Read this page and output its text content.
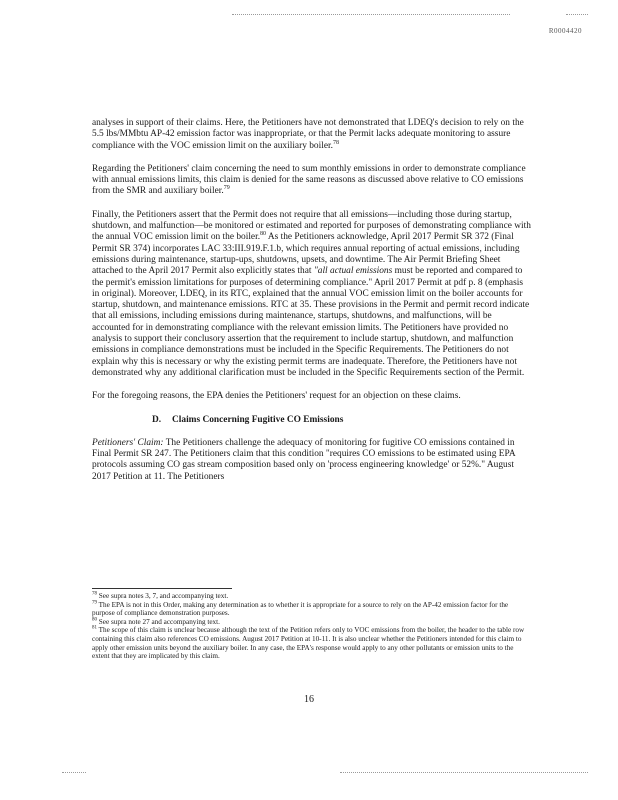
R0004420

analyses in support of their claims. Here, the Petitioners have not demonstrated that LDEQ's decision to rely on the 5.5 lbs/MMbtu AP-42 emission factor was inappropriate, or that the Permit lacks adequate monitoring to assure compliance with the VOC emission limit on the auxiliary boiler.$^{78}$

Regarding the Petitioners' claim concerning the need to sum monthly emissions in order to demonstrate compliance with annual emissions limits, this claim is denied for the same reasons as discussed above relative to CO emissions from the SMR and auxiliary boiler.$^{79}$

Finally, the Petitioners assert that the Permit does not require that all emissions—including those during startup, shutdown, and malfunction—be monitored or estimated and reported for purposes of demonstrating compliance with the annual VOC emission limit on the boiler.$^{80}$ As the Petitioners acknowledge, April 2017 Permit SR 372 (Final Permit SR 374) incorporates LAC 33:III.919.F.1.b, which requires annual reporting of actual emissions, including emissions during maintenance, startup-ups, shutdowns, upsets, and downtime. The Air Permit Briefing Sheet attached to the April 2017 Permit also explicitly states that "all actual emissions must be reported and compared to the permit's emission limitations for purposes of determining compliance." April 2017 Permit at pdf p. 8 (emphasis in original). Moreover, LDEQ, in its RTC, explained that the annual VOC emission limit on the boiler accounts for startup, shutdown, and maintenance emissions. RTC at 35. These provisions in the Permit and permit record indicate that all emissions, including emissions during maintenance, startups, shutdowns, and malfunctions, will be accounted for in demonstrating compliance with the relevant emission limits. The Petitioners have provided no analysis to support their conclusory assertion that the requirement to include startup, shutdown, and malfunction emissions in compliance demonstrations must be included in the Specific Requirements. The Petitioners do not explain why this is necessary or why the existing permit terms are inadequate. Therefore, the Petitioners have not demonstrated why any additional clarification must be included in the Specific Requirements section of the Permit.

For the foregoing reasons, the EPA denies the Petitioners' request for an objection on these claims.

D. Claims Concerning Fugitive CO Emissions

Petitioners' Claim: The Petitioners challenge the adequacy of monitoring for fugitive CO emissions contained in Final Permit SR 247. The Petitioners claim that this condition "requires CO emissions to be estimated using EPA protocols assuming CO gas stream composition based only on 'process engineering knowledge' or 52%." August 2017 Petition at 11. The Petitioners

$^{78}$ See supra notes 3, 7, and accompanying text.

$^{79}$ The EPA is not in this Order, making any determination as to whether it is appropriate for a source to rely on the AP-42 emission factor for the purpose of compliance demonstration purposes.

$^{80}$ See supra note 27 and accompanying text.

$^{81}$ The scope of this claim is unclear because although the text of the Petition refers only to VOC emissions from the boiler, the header to the table row containing this claim also references CO emissions. August 2017 Petition at 10-11. It is also unclear whether the Petitioners intended for this claim to apply other emission units beyond the auxiliary boiler. In any case, the EPA's response would apply to any other pollutants or emission units to the extent that they are implicated by this claim.

16
